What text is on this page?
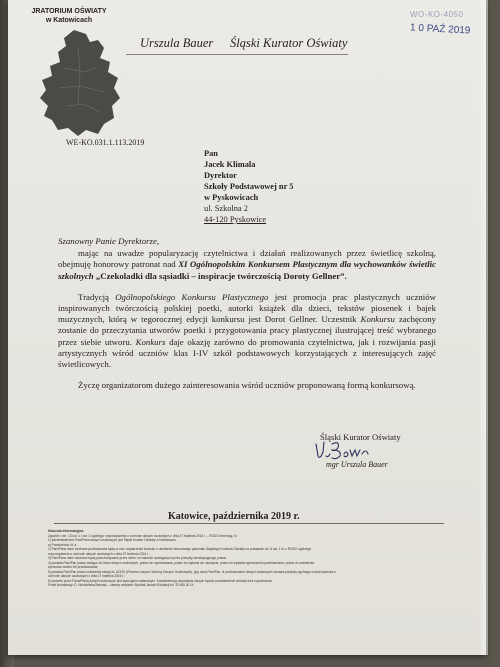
JRATORIUM OŚWIATY
w Katowicach
Urszula Bauer Śląski Kurator Oświaty
WO-KO-4050
1 0 PAŹ 2019
WE-KO.031.1.113.2019
Pan
Jacek Klimala
Dyrektor
Szkoły Podstawowej nr 5
w Pyskowicach
ul. Szkolna 2
44-120 Pyskowice

Szanowny Panie Dyrektorze,

mając na uwadze popularyzację czytelnictwa i działań realizowanych przez świetlicę szkolną, obejmuję honorowy patronat nad XI Ogólnopolskim Konkursem Plastycznym dla wychowanków świetlic szkolnych „Czekoladki dla sąsiadki – inspiracje twórczością Doroty Gellner”.

Tradycją Ogólnopolskiego Konkursu Plastycznego jest promocja prac plastycznych uczniów inspirowanych twórczością polskiej poetki, autorki książek dla dzieci, tekstów piosenek i bajek muzycznych, którą w tegorocznej edycji konkursu jest Dorot Gellner. Uczestnik Konkursu zachęcony zostanie do przeczytania utworów poetki i przygotowania pracy plastycznej ilustrującej treść wybranego przez siebie utworu. Konkurs daje okazję zarówno do promowania czytelnictwa, jak i rozwijania pasji artystycznych wśród uczniów klas I-IV szkół podstawowych korzystających z interesujących zajęć świetlicowych.

Życzę organizatorom dużego zainteresowania wśród uczniów proponowaną formą konkursową.

Śląski Kurator Oświaty
mgr Urszula Bauer
Katowice, października 2019 r.
Klauzula informacyjna:
Zgodnie z art. 13 ust. 1 i ust. 2 ogólnego rozporządzenia o ochronie danych osobowych z dnia 27 kwietnia 2016 r. – RODO informuję, iż:
1) administratorem Pani/Pana danych osobowych jest Śląski Kurator Oświaty w Katowicach;
a) Powstańców 41 a.
2) Pani/Pana dane osobowe przetwarzane będą w celu rozpatrzenia wniosku o udzielenie honorowego patronatu Śląskiego Kuratora Oświaty na podstawie art. 6 ust. 1 lit. c RODO ogólnego
rozporządzenia o ochronie danych osobowych z dnia 27 kwietnia 2016 r.;
3) Pani/Pana dane osobowe będą przechowywane przez okres i w zakresie wymaganym przez przepisy obowiązującego prawa;
4) posiada Pani/Pan prawo dostępu do treści danych osobowych, prawo ich sprostowania, prawo do żądania ich usunięcia, prawo do żądania ograniczenia przetwarzania, prawo do wniesienia
sprzeciwu wobec ich przetwarzania;
5) posiada Pani/Pan prawo wniesienia skargi do UODO (Prezesa Urzędu Ochrony Danych Osobowych), gdy uzna Pani/Pan, iż przetwarzanie danych osobowych narusza przepisy ogólnego rozporządzenia o
ochronie danych osobowych z dnia 27 kwietnia 2016 r.;
6) podanie przez Pana/Panią danych osobowych jest wymogiem ustawowym. Konsekwencją niepodania danych będzie pozostawienie wniosku bez rozpatrzenia.
Punkt kontaktowy: D. Niedzielska-Barczyk – starszy wizytator Wydział Jakości Edukacji tel. 32 606 30 14
